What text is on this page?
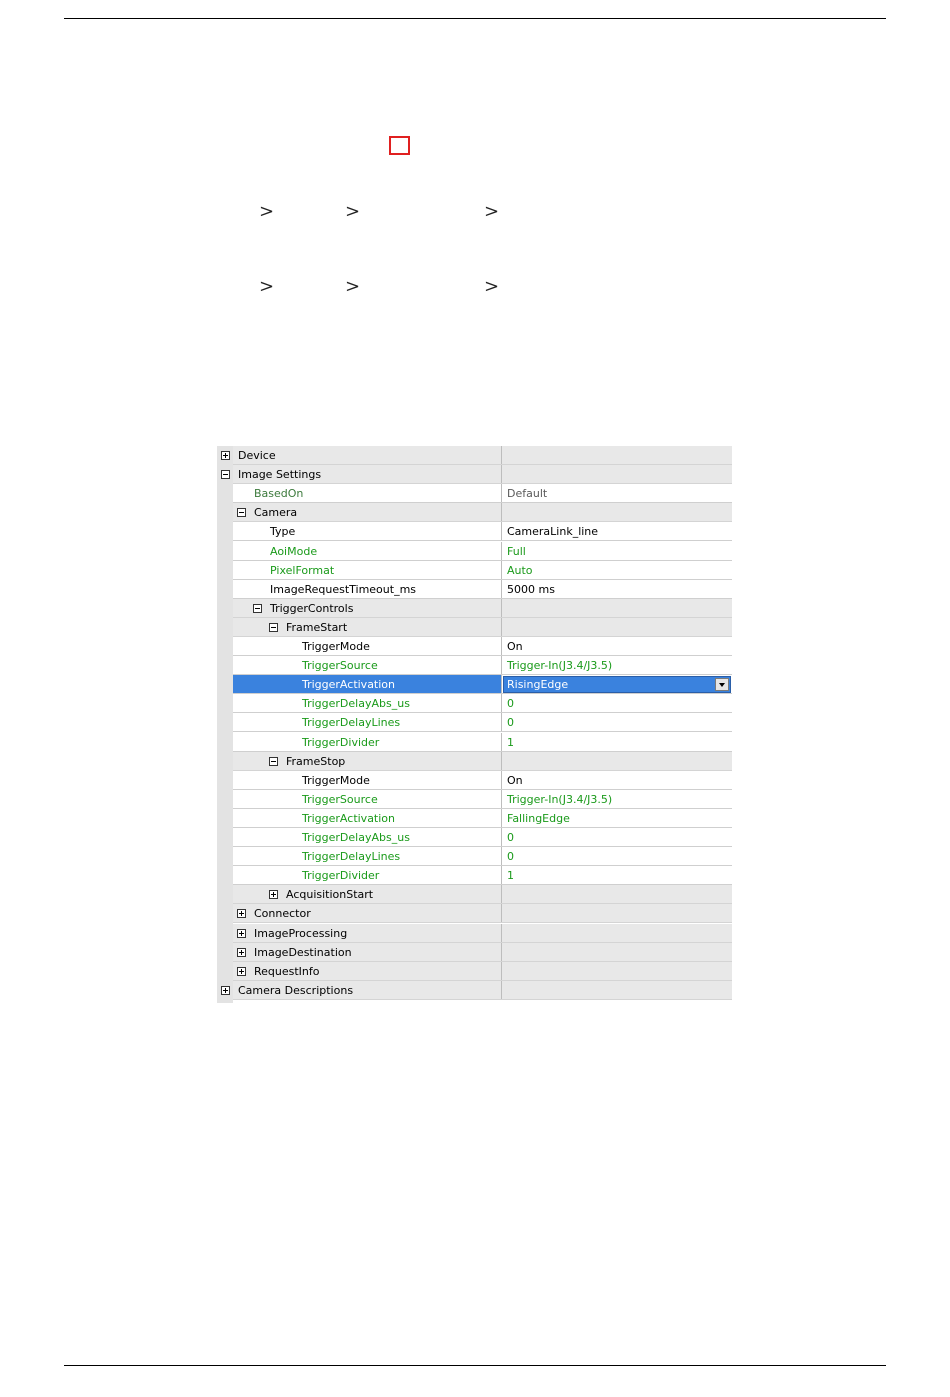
>	>	>
>	>	>
Device
Image Settings
BasedOn	Default
Camera
Type	CameraLink_line
AoiMode	Full
PixelFormat	Auto
ImageRequestTimeout_ms	5000 ms
TriggerControls
FrameStart
TriggerMode	On
TriggerSource	Trigger-In(J3.4/J3.5)
TriggerActivation	RisingEdge
TriggerDelayAbs_us	0
TriggerDelayLines	0
TriggerDivider	1
FrameStop
TriggerMode	On
TriggerSource	Trigger-In(J3.4/J3.5)
TriggerActivation	FallingEdge
TriggerDelayAbs_us	0
TriggerDelayLines	0
TriggerDivider	1
AcquisitionStart
Connector
ImageProcessing
ImageDestination
RequestInfo
Camera Descriptions
